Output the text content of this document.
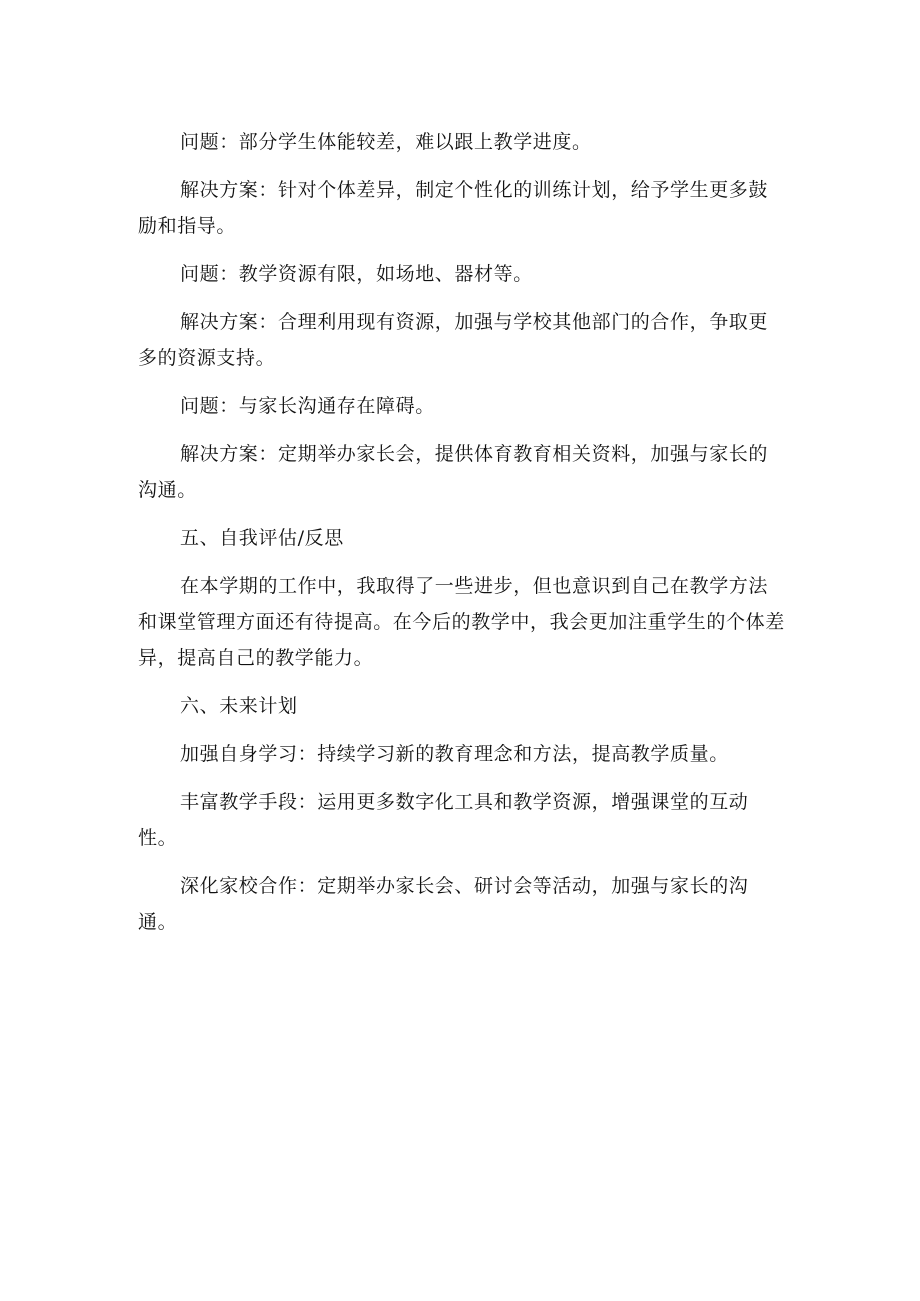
问题：部分学生体能较差，难以跟上教学进度。

解决方案：针对个体差异，制定个性化的训练计划，给予学生更多鼓励和指导。

问题：教学资源有限，如场地、器材等。

解决方案：合理利用现有资源，加强与学校其他部门的合作，争取更多的资源支持。

问题：与家长沟通存在障碍。

解决方案：定期举办家长会，提供体育教育相关资料，加强与家长的沟通。

五、自我评估/反思

在本学期的工作中，我取得了一些进步，但也意识到自己在教学方法和课堂管理方面还有待提高。在今后的教学中，我会更加注重学生的个体差异，提高自己的教学能力。

六、未来计划

加强自身学习：持续学习新的教育理念和方法，提高教学质量。

丰富教学手段：运用更多数字化工具和教学资源，增强课堂的互动性。

深化家校合作：定期举办家长会、研讨会等活动，加强与家长的沟通。
